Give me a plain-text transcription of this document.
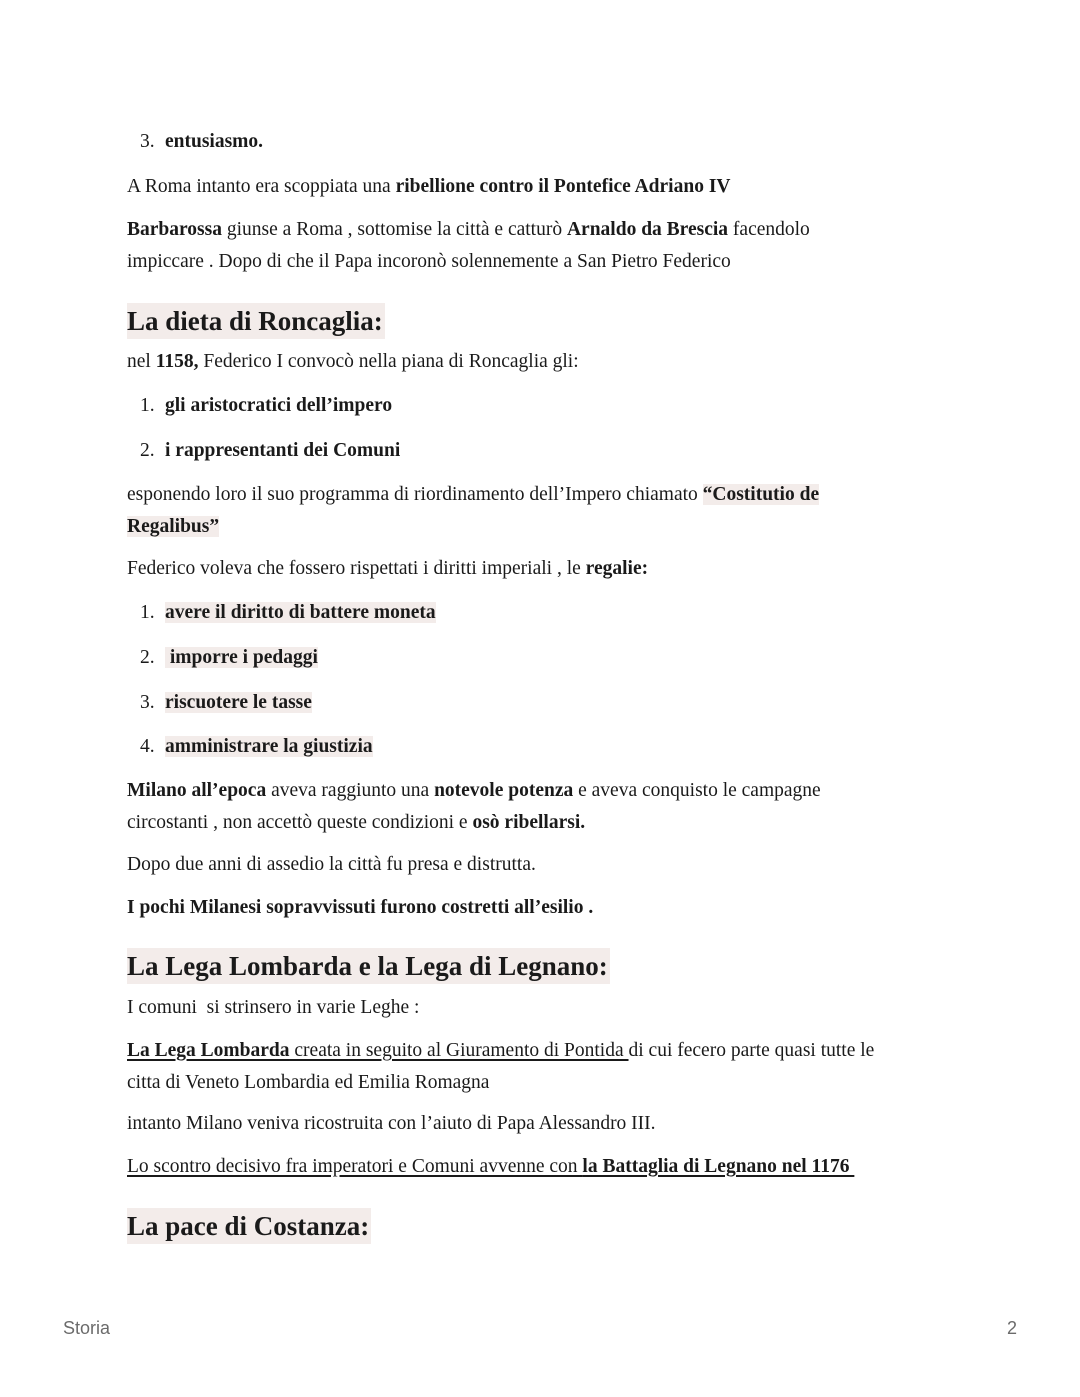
3. entusiasmo.

A Roma intanto era scoppiata una ribellione contro il Pontefice Adriano IV

Barbarossa giunse a Roma , sottomise la città e catturò Arnaldo da Brescia facendolo
impiccare . Dopo di che il Papa incoronò solennemente a San Pietro Federico

La dieta di Roncaglia:

nel 1158, Federico I convocò nella piana di Roncaglia gli:

1. gli aristocratici dell’impero

2. i rappresentanti dei Comuni

esponendo loro il suo programma di riordinamento dell’Impero chiamato “Costitutio de
Regalibus”

Federico voleva che fossero rispettati i diritti imperiali , le regalie:

1. avere il diritto di battere moneta

2. imporre i pedaggi

3. riscuotere le tasse

4. amministrare la giustizia

Milano all’epoca aveva raggiunto una notevole potenza e aveva conquisto le campagne
circostanti , non accettò queste condizioni e osò ribellarsi.

Dopo due anni di assedio la città fu presa e distrutta.

I pochi Milanesi sopravvissuti furono costretti all’esilio .

La Lega Lombarda e la Lega di Legnano:

I comuni  si strinsero in varie Leghe :

La Lega Lombarda creata in seguito al Giuramento di Pontida di cui fecero parte quasi tutte le
citta di Veneto Lombardia ed Emilia Romagna

intanto Milano veniva ricostruita con l’aiuto di Papa Alessandro III.

Lo scontro decisivo fra imperatori e Comuni avvenne con la Battaglia di Legnano nel 1176

La pace di Costanza:
Storia	2
